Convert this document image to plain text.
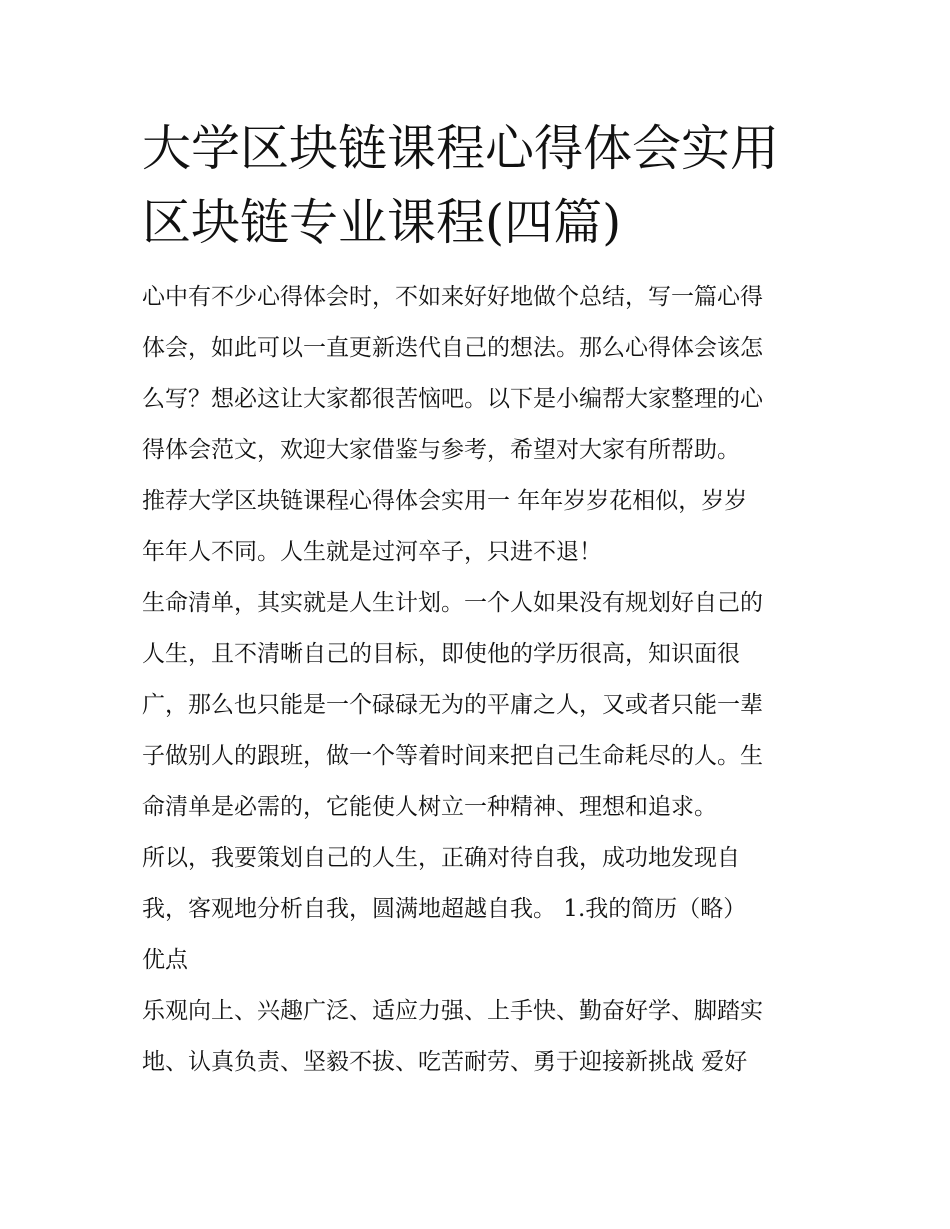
大学区块链课程心得体会实用
区块链专业课程(四篇)
心中有不少心得体会时，不如来好好地做个总结，写一篇心得
体会，如此可以一直更新迭代自己的想法。那么心得体会该怎
么写？想必这让大家都很苦恼吧。以下是小编帮大家整理的心
得体会范文，欢迎大家借鉴与参考，希望对大家有所帮助。
推荐大学区块链课程心得体会实用一 年年岁岁花相似，岁岁
年年人不同。人生就是过河卒子，只进不退！
生命清单，其实就是人生计划。一个人如果没有规划好自己的
人生，且不清晰自己的目标，即使他的学历很高，知识面很
广，那么也只能是一个碌碌无为的平庸之人，又或者只能一辈
子做别人的跟班，做一个等着时间来把自己生命耗尽的人。生
命清单是必需的，它能使人树立一种精神、理想和追求。
所以，我要策划自己的人生，正确对待自我，成功地发现自
我，客观地分析自我，圆满地超越自我。 1.我的简历（略）
优点
乐观向上、兴趣广泛、适应力强、上手快、勤奋好学、脚踏实
地、认真负责、坚毅不拔、吃苦耐劳、勇于迎接新挑战 爱好
